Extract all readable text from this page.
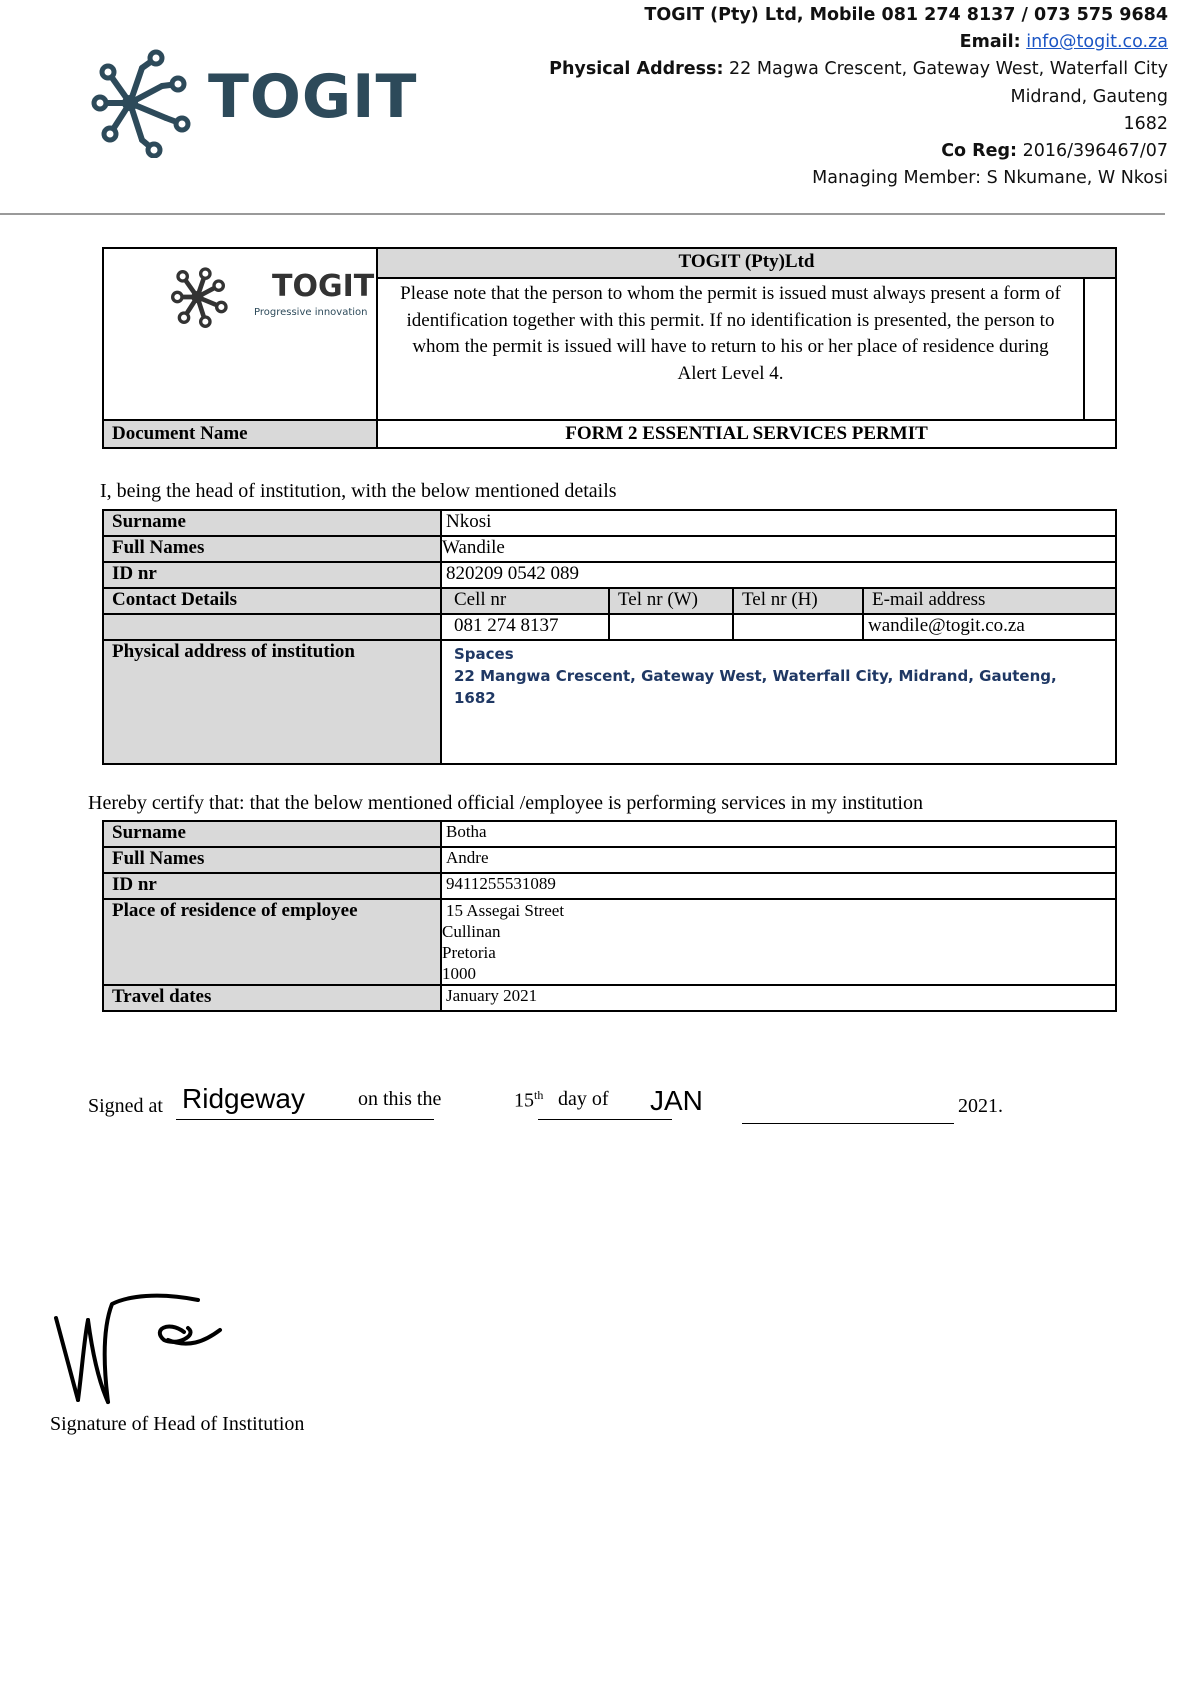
TOGIT
TOGIT (Pty) Ltd, Mobile 081 274 8137 / 073 575 9684
Email: info@togit.co.za
Physical Address: 22 Magwa Crescent, Gateway West, Waterfall City
Midrand, Gauteng
1682
Co Reg: 2016/396467/07
Managing Member: S Nkumane, W Nkosi
TOGIT
Progressive innovation	TOGIT (Pty)Ltd

	Please note that the person to whom the permit is issued must always present a form of identification together with this permit. If no identification is presented, the person to whom the permit is issued will have to return to his or her place of residence during Alert Level 4.

Document Name	FORM 2 ESSENTIAL SERVICES PERMIT
I, being the head of institution, with the below mentioned details
Surname	Nkosi			
Full Names	Wandile			
ID nr	820209 0542 089			
Contact Details	Cell nr	Tel nr (W)	Tel nr (H)	E-mail address
	081 274 8137			wandile@togit.co.za
Physical address of institution	Spaces
22 Mangwa Crescent, Gateway West, Waterfall City, Midrand, Gauteng,
1682			
Hereby certify that: that the below mentioned official /employee is performing services in my institution
Surname	Botha
Full Names	Andre
ID nr	9411255531089
Place of residence of employee	15 Assegai Street
Cullinan
Pretoria
1000

Travel dates	January 2021
Signed at Ridgeway	on this the	15th day of JAN	2021.
Signature of Head of Institution
